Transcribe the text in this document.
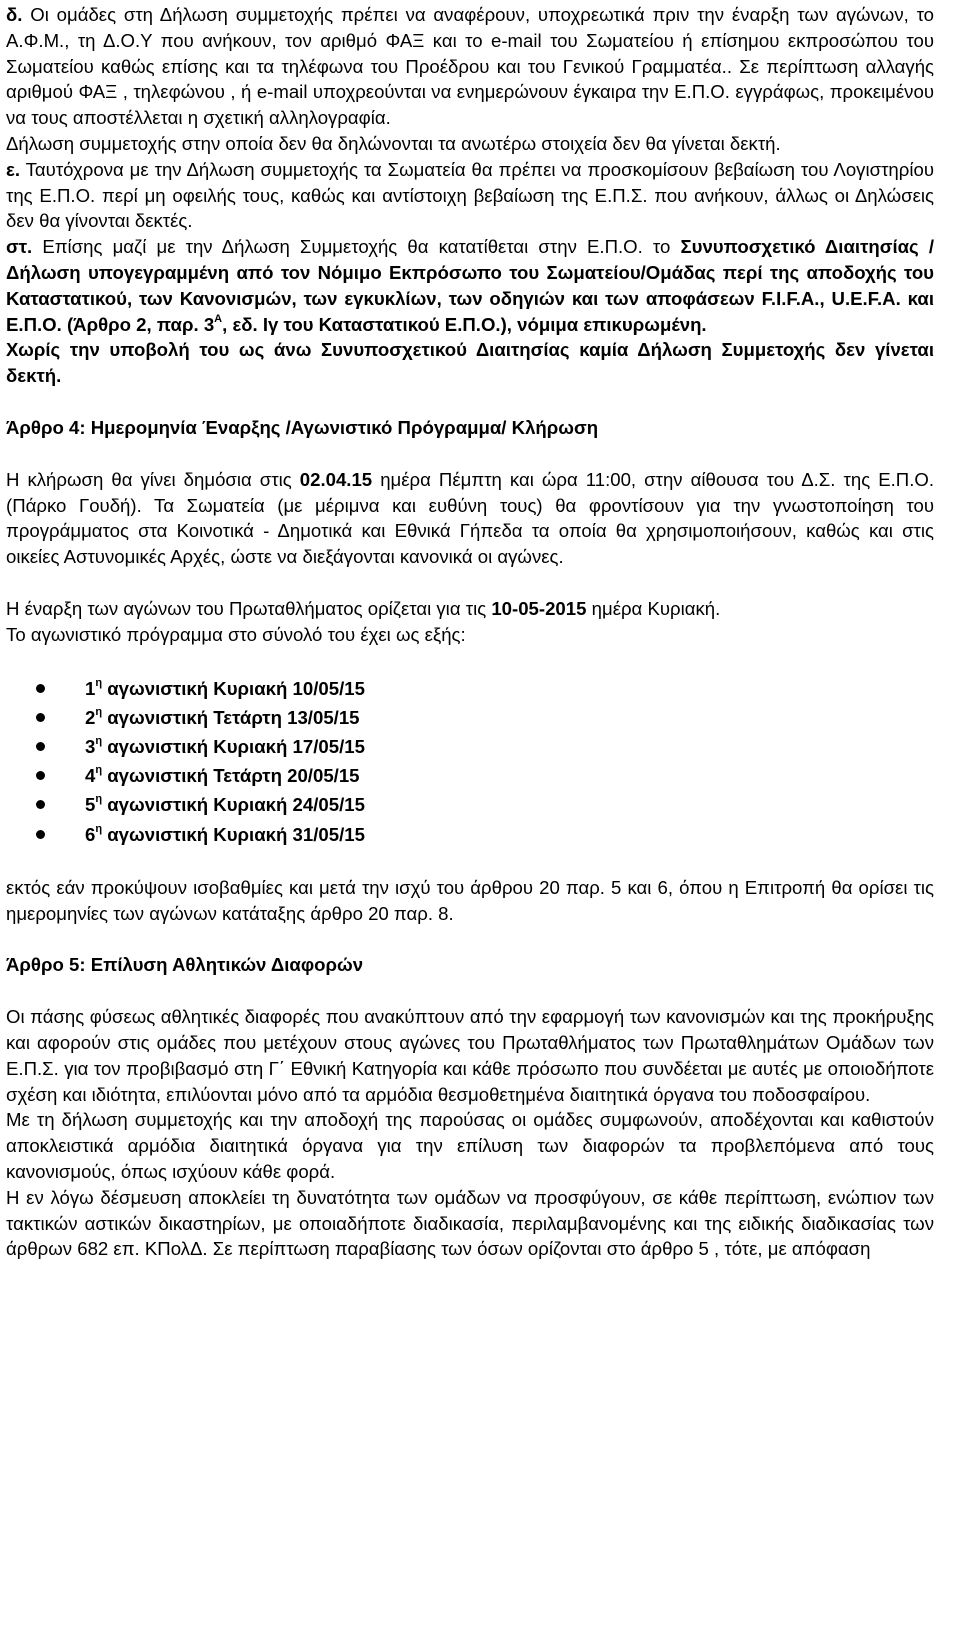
δ. Οι ομάδες στη Δήλωση συμμετοχής πρέπει να αναφέρουν, υποχρεωτικά πριν την έναρξη των αγώνων, το Α.Φ.Μ., τη Δ.Ο.Υ που ανήκουν, τον αριθμό ΦΑΞ και το e-mail του Σωματείου ή επίσημου εκπροσώπου του Σωματείου καθώς επίσης και τα τηλέφωνα του Προέδρου και του Γενικού Γραμματέα.. Σε περίπτωση αλλαγής αριθμού ΦΑΞ , τηλεφώνου , ή e-mail υποχρεούνται να ενημερώνουν έγκαιρα την Ε.Π.Ο. εγγράφως, προκειμένου να τους αποστέλλεται η σχετική αλληλογραφία.

Δήλωση συμμετοχής στην οποία δεν θα δηλώνονται τα ανωτέρω στοιχεία δεν θα γίνεται δεκτή.

ε. Ταυτόχρονα με την Δήλωση συμμετοχής τα Σωματεία θα πρέπει να προσκομίσουν βεβαίωση του Λογιστηρίου της Ε.Π.Ο. περί μη οφειλής τους, καθώς και αντίστοιχη βεβαίωση της Ε.Π.Σ. που ανήκουν, άλλως οι Δηλώσεις δεν θα γίνονται δεκτές.

στ. Επίσης μαζί με την Δήλωση Συμμετοχής θα κατατίθεται στην Ε.Π.Ο. το Συνυποσχετικό Διαιτησίας / Δήλωση υπογεγραμμένη από τον Νόμιμο Εκπρόσωπο του Σωματείου/Ομάδας περί της αποδοχής του Καταστατικού, των Κανονισμών, των εγκυκλίων, των οδηγιών και των αποφάσεων F.I.F.A., U.E.F.A. και Ε.Π.Ο. (Άρθρο 2, παρ. $3^A$, εδ. Ιγ του Καταστατικού Ε.Π.Ο.), νόμιμα επικυρωμένη.

Χωρίς την υποβολή του ως άνω Συνυποσχετικού Διαιτησίας καμία Δήλωση Συμμετοχής δεν γίνεται δεκτή.

Άρθρο 4: Ημερομηνία Έναρξης /Αγωνιστικό Πρόγραμμα/ Κλήρωση

Η κλήρωση θα γίνει δημόσια στις 02.04.15 ημέρα Πέμπτη και ώρα 11:00, στην αίθουσα του Δ.Σ. της Ε.Π.Ο. (Πάρκο Γουδή). Τα Σωματεία (με μέριμνα και ευθύνη τους) θα φροντίσουν για την γνωστοποίηση του προγράμματος στα Κοινοτικά - Δημοτικά και Εθνικά Γήπεδα τα οποία θα χρησιμοποιήσουν, καθώς και στις οικείες Αστυνομικές Αρχές, ώστε να διεξάγονται κανονικά οι αγώνες.

Η έναρξη των αγώνων του Πρωταθλήματος ορίζεται για τις 10-05-2015 ημέρα Κυριακή.

Το αγωνιστικό πρόγραμμα στο σύνολό του έχει ως εξής:

$1^\eta$ αγωνιστική Κυριακή 10/05/15
$2^\eta$ αγωνιστική Τετάρτη 13/05/15
$3^\eta$ αγωνιστική Κυριακή 17/05/15
$4^\eta$ αγωνιστική Τετάρτη 20/05/15
$5^\eta$ αγωνιστική Κυριακή 24/05/15
$6^\eta$ αγωνιστική Κυριακή 31/05/15

εκτός εάν προκύψουν ισοβαθμίες και μετά την ισχύ του άρθρου 20 παρ. 5 και 6, όπου η Επιτροπή θα ορίσει τις ημερομηνίες των αγώνων κατάταξης άρθρο 20 παρ. 8.

Άρθρο 5: Επίλυση Αθλητικών Διαφορών

Οι πάσης φύσεως αθλητικές διαφορές που ανακύπτουν από την εφαρμογή των κανονισμών και της προκήρυξης και αφορούν στις ομάδες που μετέχουν στους αγώνες του Πρωταθλήματος των Πρωταθλημάτων Ομάδων των Ε.Π.Σ. για τον προβιβασμό στη Γ΄ Εθνική Κατηγορία και κάθε πρόσωπο που συνδέεται με αυτές με οποιοδήποτε σχέση και ιδιότητα, επιλύονται μόνο από τα αρμόδια θεσμοθετημένα διαιτητικά όργανα του ποδοσφαίρου.

Με τη δήλωση συμμετοχής και την αποδοχή της παρούσας οι ομάδες συμφωνούν, αποδέχονται και καθιστούν αποκλειστικά αρμόδια διαιτητικά όργανα για την επίλυση των διαφορών τα προβλεπόμενα από τους κανονισμούς, όπως ισχύουν κάθε φορά.

Η εν λόγω δέσμευση αποκλείει τη δυνατότητα των ομάδων να προσφύγουν, σε κάθε περίπτωση, ενώπιον των τακτικών αστικών δικαστηρίων, με οποιαδήποτε διαδικασία, περιλαμβανομένης και της ειδικής διαδικασίας των άρθρων 682 επ. ΚΠολΔ. Σε περίπτωση παραβίασης των όσων ορίζονται στο άρθρο 5 , τότε, με απόφαση
